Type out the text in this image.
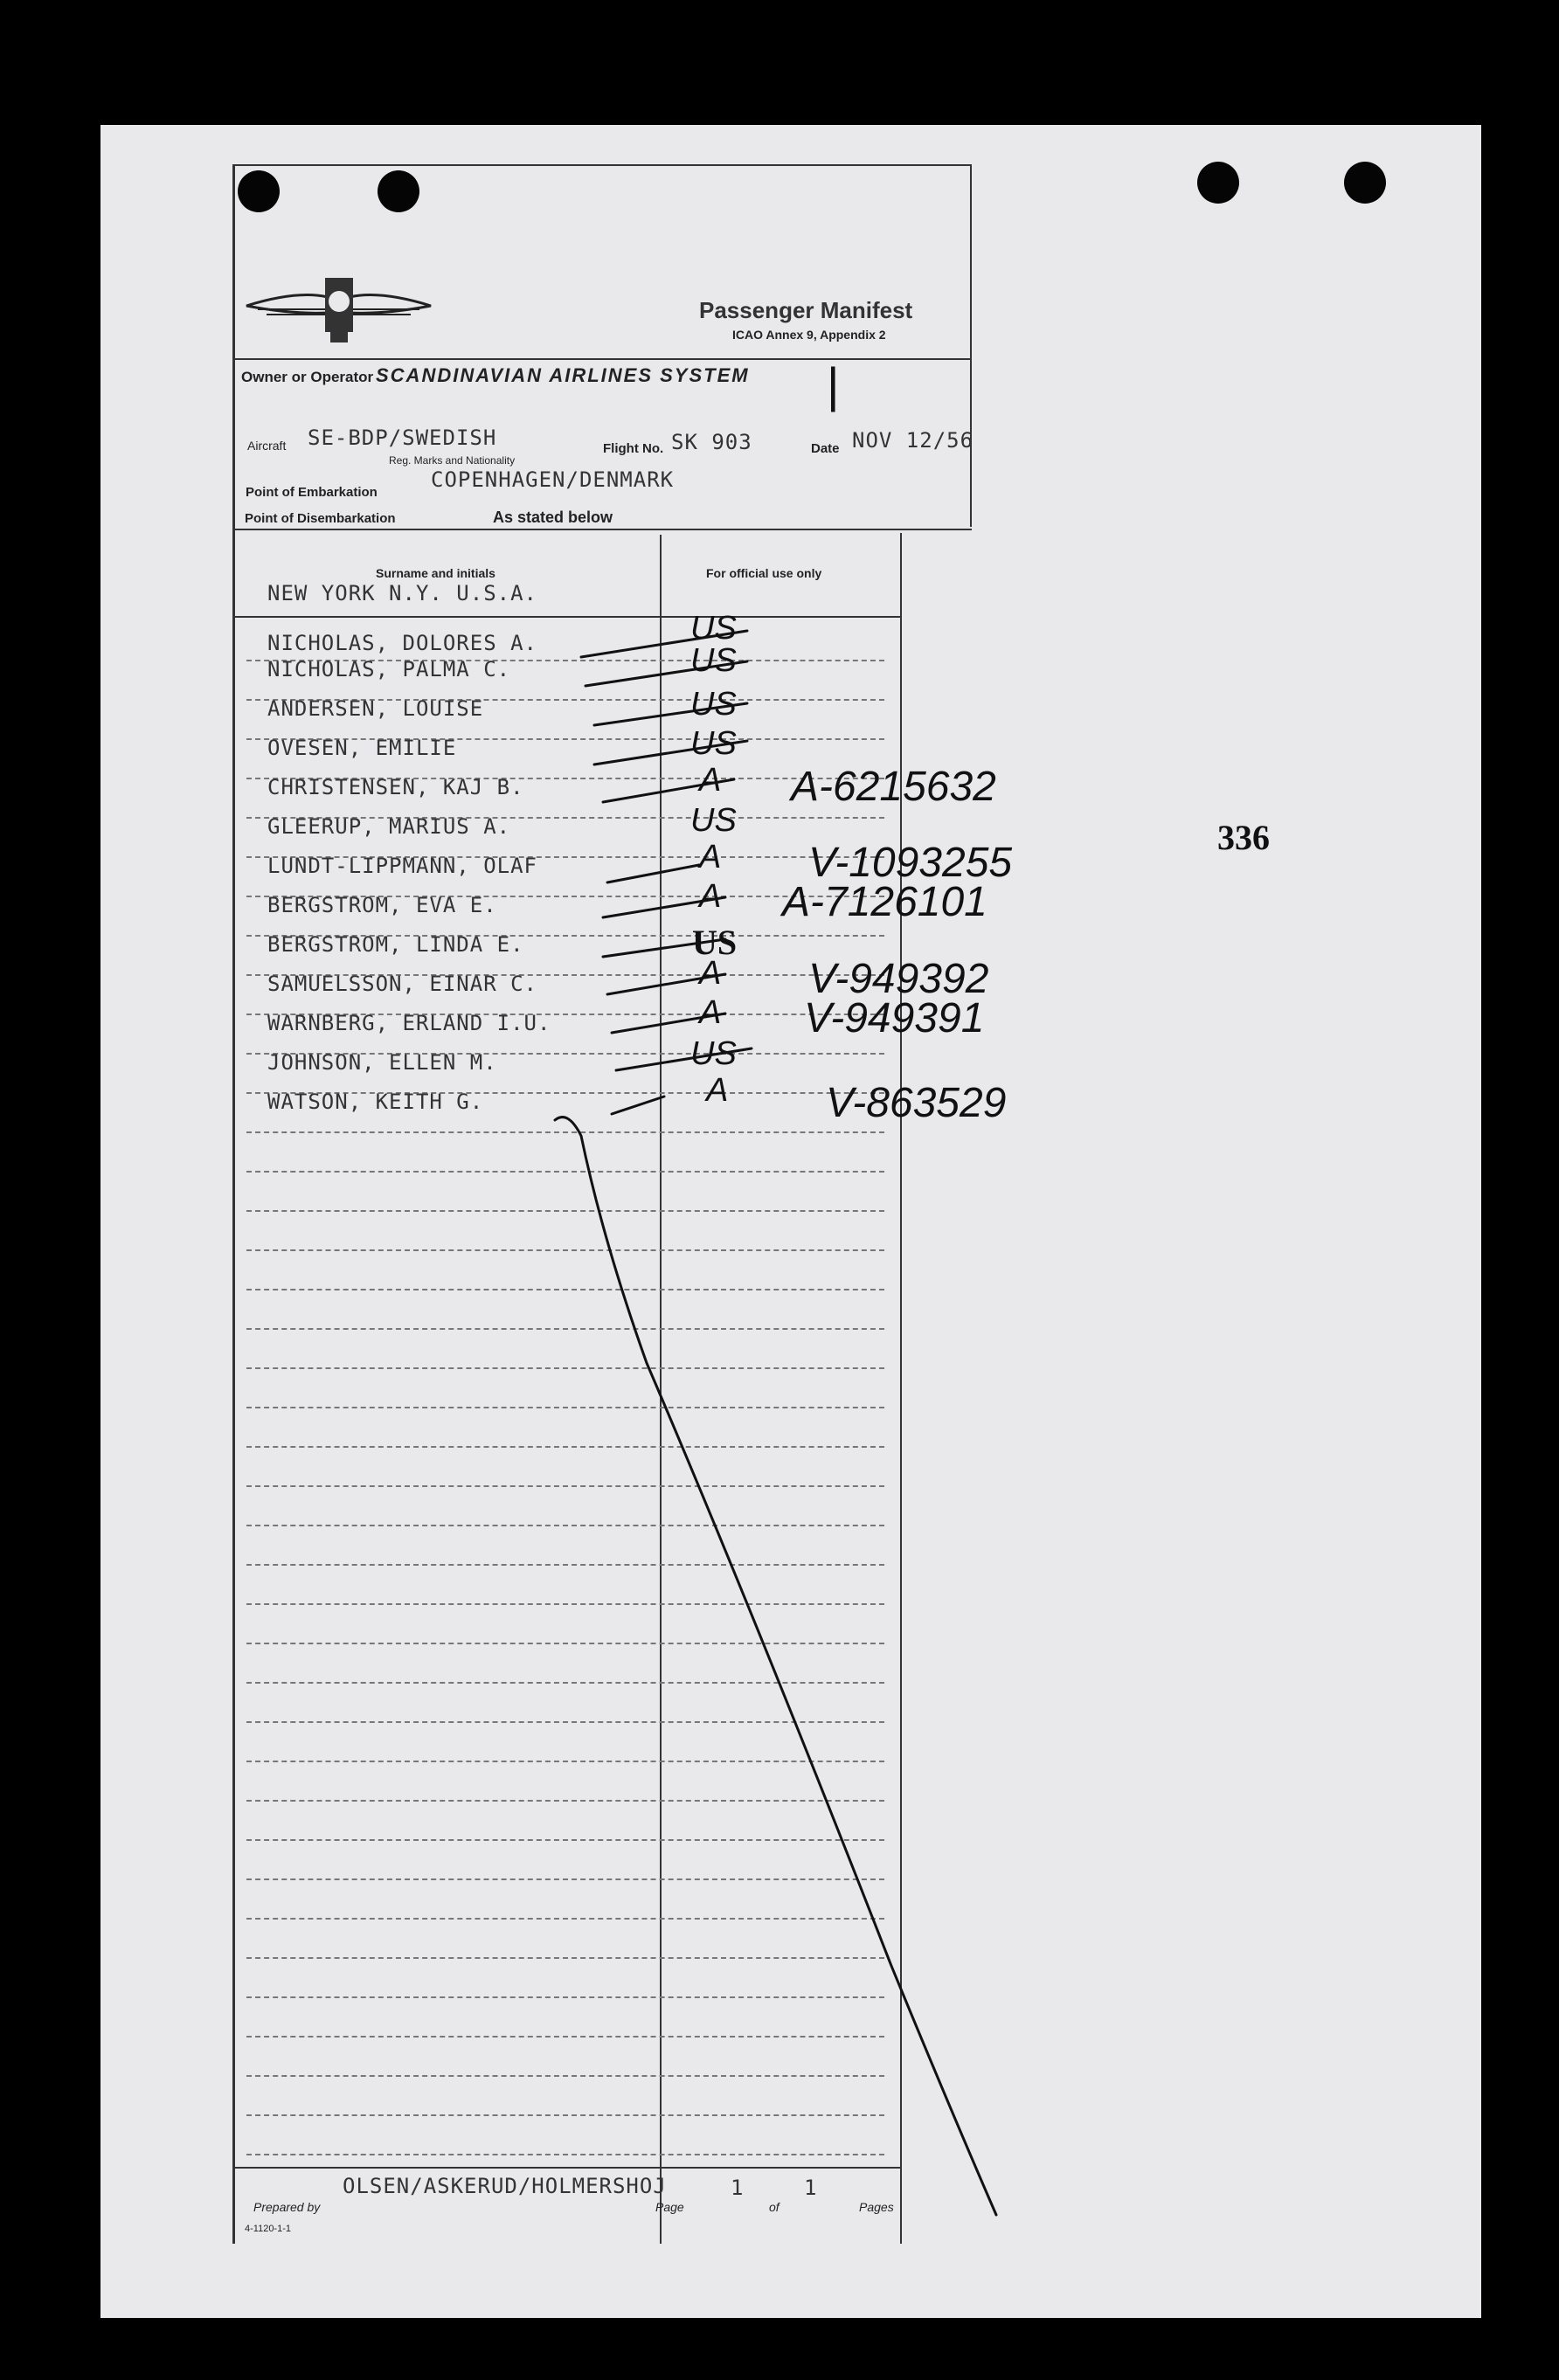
Passenger Manifest
ICAO Annex 9, Appendix 2
Owner or Operator SCANDINAVIAN AIRLINES SYSTEM |
Aircraft SE-BDP/SWEDISH
Reg. Marks and Nationality
Flight No. SK 903	Date NOV 12/56
Point of Embarkation
COPENHAGEN/DENMARK
Point of Disembarkation	As stated below
Surname and initials	For official use only
NEW YORK N.Y. U.S.A.
NICHOLAS, DOLORES A.	US
NICHOLAS, PALMA C.	US
ANDERSEN, LOUISE	US
OVESEN, EMILIE	US
CHRISTENSEN, KAJ B.	A A-6215632
GLEERUP, MARIUS A.	US
LUNDT-LIPPMANN, OLAF	A V-1093255
BERGSTROM, EVA E.	A A-7126101
BERGSTROM, LINDA E.	US
SAMUELSSON, EINAR C.	A V-949392
WARNBERG, ERLAND I.U.	A V-949391
JOHNSON, ELLEN M.	US
WATSON, KEITH G.	A V-863529
OLSEN/ASKERUD/HOLMERSHOJ
Prepared by
1
Page	of
1
Pages
4-1120-1-1
336
